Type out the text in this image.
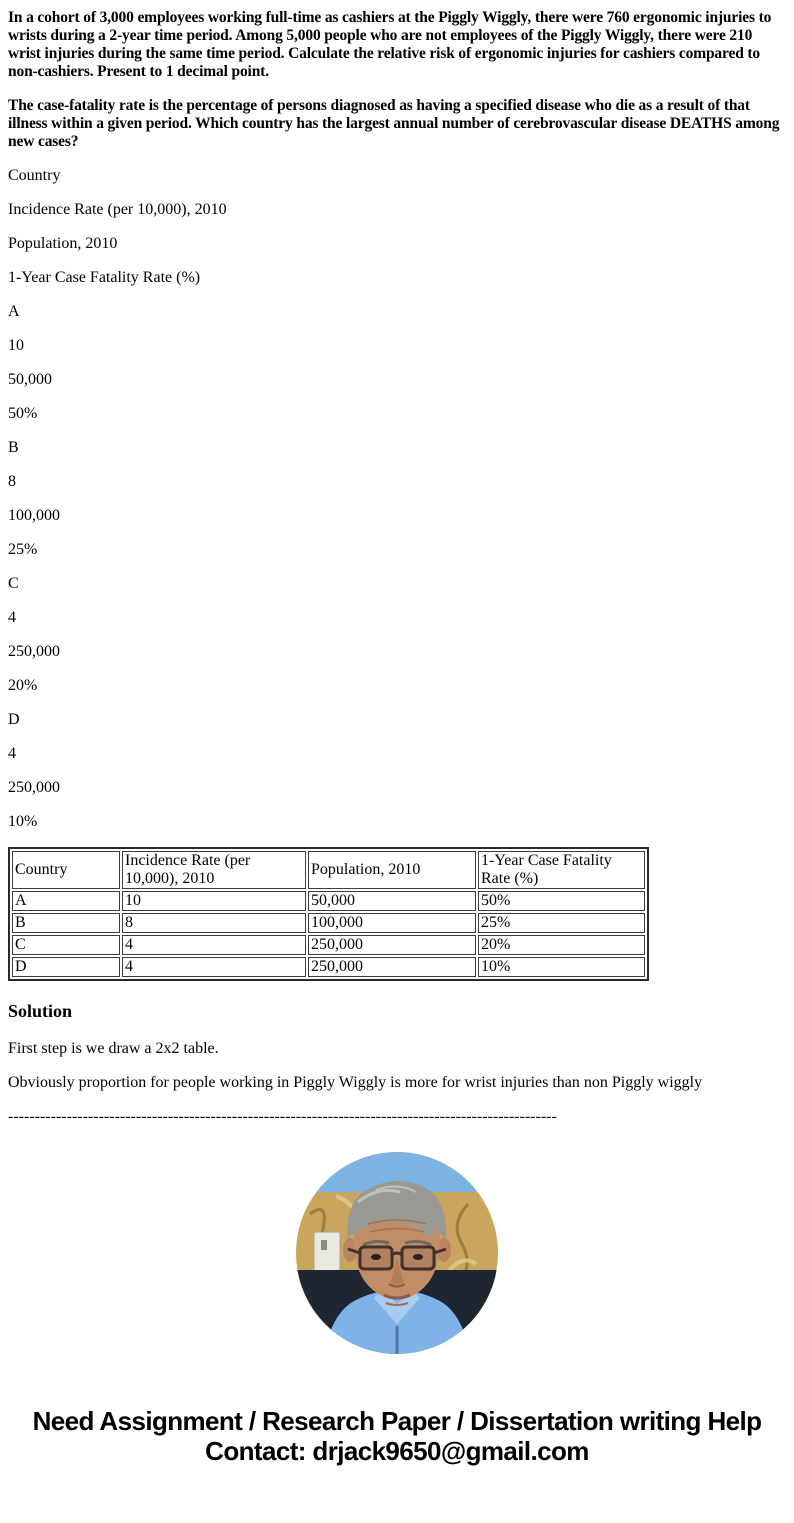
In a cohort of 3,000 employees working full-time as cashiers at the Piggly Wiggly, there were 760 ergonomic injuries to wrists during a 2-year time period. Among 5,000 people who are not employees of the Piggly Wiggly, there were 210 wrist injuries during the same time period. Calculate the relative risk of ergonomic injuries for cashiers compared to non-cashiers. Present to 1 decimal point.

The case-fatality rate is the percentage of persons diagnosed as having a specified disease who die as a result of that illness within a given period. Which country has the largest annual number of cerebrovascular disease DEATHS among new cases?

Country

Incidence Rate (per 10,000), 2010

Population, 2010

1-Year Case Fatality Rate (%)

A

10

50,000

50%

B

8

100,000

25%

C

4

250,000

20%

D

4

250,000

10%

Country	Incidence Rate (per 10,000), 2010	Population, 2010	1-Year Case Fatality Rate (%)
A	10	50,000	50%
B	8	100,000	25%
C	4	250,000	20%
D	4	250,000	10%
Solution

First step is we draw a 2x2 table.

Obviously proportion for people working in Piggly Wiggly is more for wrist injuries than non Piggly wiggly

-------------------------------------------------------------------------------------------------------

Need Assignment / Research Paper / Dissertation writing Help
Contact: drjack9650@gmail.com
